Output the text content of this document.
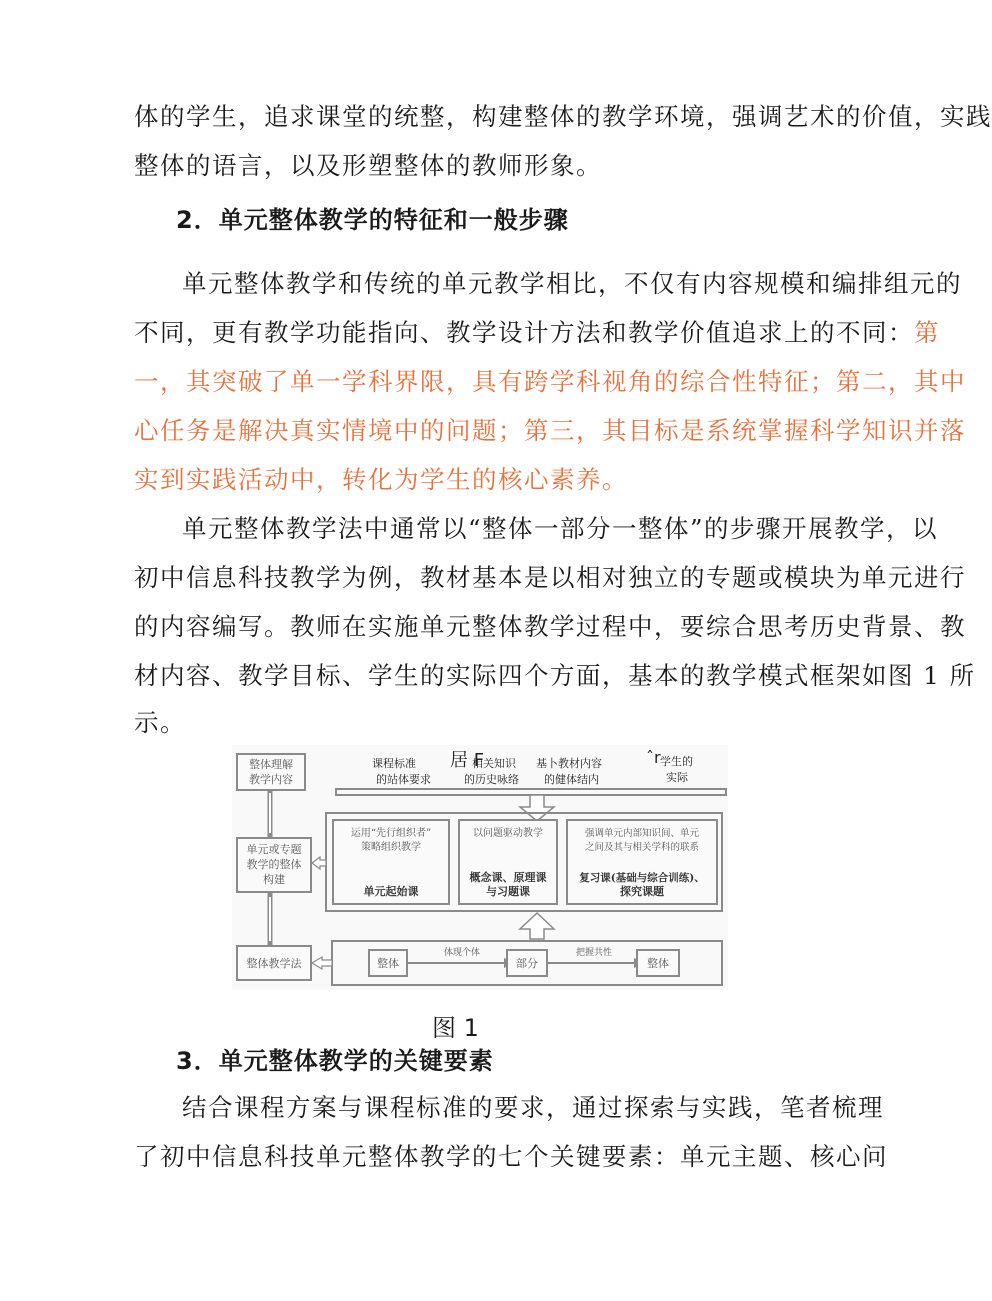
体的学生，追求课堂的统整，构建整体的教学环境，强调艺术的价值，实践
整体的语言，以及形塑整体的教师形象。
2．单元整体教学的特征和一般步骤
单元整体教学和传统的单元教学相比，不仅有内容规模和编排组元的
不同，更有教学功能指向、教学设计方法和教学价值追求上的不同：第
一，其突破了单一学科界限，具有跨学科视角的综合性特征；第二，其中
心任务是解决真实情境中的问题；第三，其目标是系统掌握科学知识并落
实到实践活动中，转化为学生的核心素养。
单元整体教学法中通常以“整体一部分一整体”的步骤开展教学，以
初中信息科技教学为例，教材基本是以相对独立的专题或模块为单元进行
的内容编写。教师在实施单元整体教学过程中，要综合思考历史背景、教
材内容、教学目标、学生的实际四个方面，基本的教学模式框架如图 1 所
示。
课程标准
的站体要求
居 F
相关知识
的历史咏络
基卜教材内容
的健体结内
ˆr 学生的
实际
整体理解
教学内容
单元或专题
教学的整体
构建
整体教学法
运用“先行组织者”
策略组织教学
单元起始课
以问题驱动教学
概念课、原理课
与习题课
强调单元内部知识间、单元
之间及其与相关学科的联系
复习课(基础与综合训练)、
探究课题
整体
体现个体
部分
把握共性
整体
图 1
3．单元整体教学的关键要素
结合课程方案与课程标准的要求，通过探索与实践，笔者梳理
了初中信息科技单元整体教学的七个关键要素：单元主题、核心问
